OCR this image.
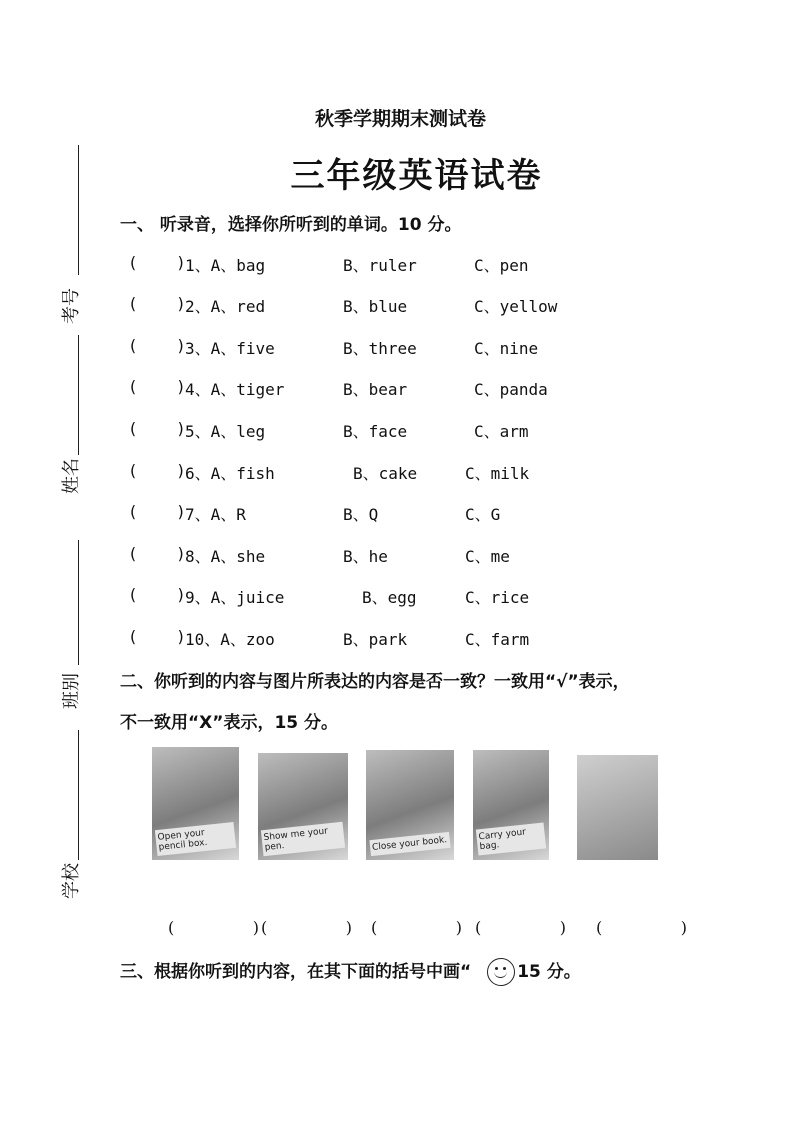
秋季学期期末测试卷
三年级英语试卷
考号
姓名
班别
学校
一、 听录音，选择你所听到的单词。10 分。
(    ) 1、A、bag	B、ruler	C、pen
(    ) 2、A、red	B、blue	C、yellow
(    ) 3、A、five	B、three	C、nine
(    ) 4、A、tiger	B、bear	C、panda
(    ) 5、A、leg	B、face	C、arm
(    ) 6、A、fish	B、cake	C、milk
(    ) 7、A、R	B、Q	C、G
(    ) 8、A、she	B、he	C、me
(    ) 9、A、juice	B、egg	C、rice
(    ) 10、A、zoo	B、park	C、farm
二、你听到的内容与图片所表达的内容是否一致？一致用“√”表示，
不一致用“X”表示，15 分。
Open your pencil box.
Show me your pen.	Close your book.
Carry your bag.
(      ) (      ) (      ) (      ) (      )
三、根据你听到的内容，在其下面的括号中画“	15 分。
